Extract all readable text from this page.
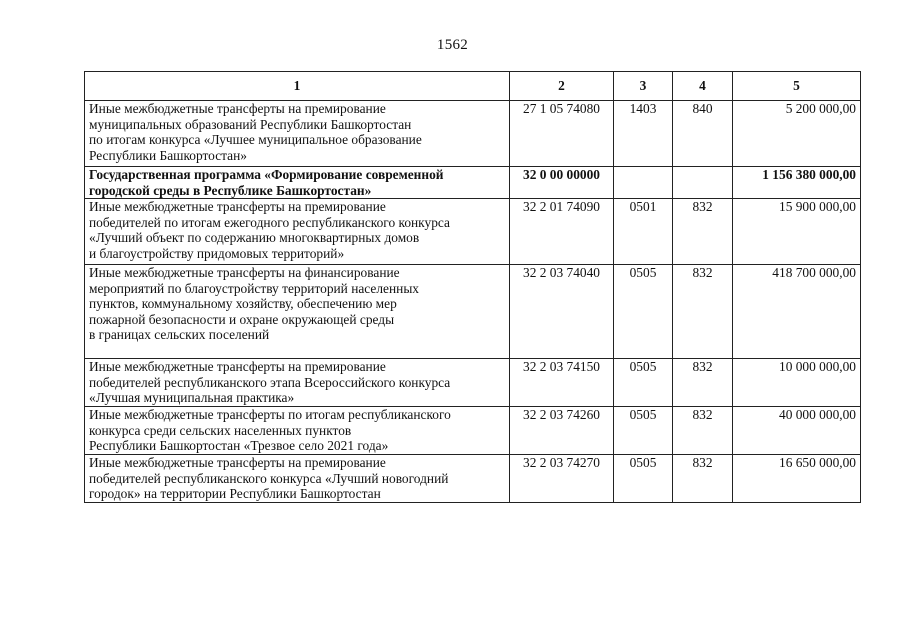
1562
1	2	3	4	5

Иные межбюджетные трансферты на премирование
муниципальных образований Республики Башкортостан
по итогам конкурса «Лучшее муниципальное образование
Республики Башкортостан»	27 1 05 74080	1403	840	5 200 000,00

Государственная программа «Формирование современной
городской среды в Республике Башкортостан»	32 0 00 00000			1 156 380 000,00

Иные межбюджетные трансферты на премирование
победителей по итогам ежегодного республиканского конкурса
«Лучший объект по содержанию многоквартирных домов
и благоустройству придомовых территорий»	32 2 01 74090	0501	832	15 900 000,00

Иные межбюджетные трансферты на финансирование
мероприятий по благоустройству территорий населенных
пунктов, коммунальному хозяйству, обеспечению мер
пожарной безопасности и охране окружающей среды
в границах сельских поселений	32 2 03 74040	0505	832	418 700 000,00

Иные межбюджетные трансферты на премирование
победителей республиканского этапа Всероссийского конкурса
«Лучшая муниципальная практика»	32 2 03 74150	0505	832	10 000 000,00

Иные межбюджетные трансферты по итогам республиканского
конкурса среди сельских населенных пунктов
Республики Башкортостан «Трезвое село 2021 года»	32 2 03 74260	0505	832	40 000 000,00

Иные межбюджетные трансферты на премирование
победителей республиканского конкурса «Лучший новогодний
городок» на территории Республики Башкортостан	32 2 03 74270	0505	832	16 650 000,00
